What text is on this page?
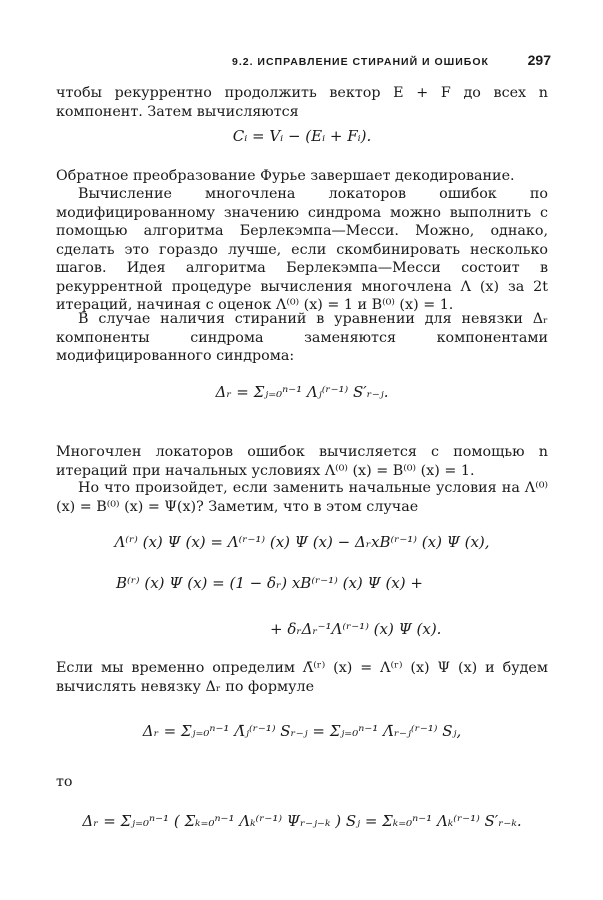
9.2. ИСПРАВЛЕНИЕ СТИРАНИЙ И ОШИБОК	297
чтобы рекуррентно продолжить вектор E + F до всех n компонент. Затем вычисляются
Cᵢ = Vᵢ − (Eᵢ + Fᵢ).
Обратное преобразование Фурье завершает декодирование.
Вычисление многочлена локаторов ошибок по модифицированному значению синдрома можно выполнить с помощью алгоритма Берлекэмпа—Месси. Можно, однако, сделать это гораздо лучше, если скомбинировать несколько шагов. Идея алгоритма Берлекэмпа—Месси состоит в рекуррентной процедуре вычисления многочлена Λ (x) за 2t итераций, начиная с оценок Λ⁽⁰⁾ (x) = 1 и B⁽⁰⁾ (x) = 1.
В случае наличия стираний в уравнении для невязки Δᵣ компоненты синдрома заменяются компонентами модифицированного синдрома:
Δᵣ = Σⱼ₌₀ⁿ⁻¹ Λⱼ⁽ʳ⁻¹⁾ S′ᵣ₋ⱼ.
Многочлен локаторов ошибок вычисляется с помощью n итераций при начальных условиях Λ⁽⁰⁾ (x) = B⁽⁰⁾ (x) = 1.
Но что произойдет, если заменить начальные условия на Λ⁽⁰⁾ (x) = B⁽⁰⁾ (x) = Ψ(x)? Заметим, что в этом случае
Λ⁽ʳ⁾ (x) Ψ (x) = Λ⁽ʳ⁻¹⁾ (x) Ψ (x) − ΔᵣxB⁽ʳ⁻¹⁾ (x) Ψ (x),
B⁽ʳ⁾ (x) Ψ (x) = (1 − δᵣ) xB⁽ʳ⁻¹⁾ (x) Ψ (x) +
+ δᵣΔᵣ⁻¹Λ⁽ʳ⁻¹⁾ (x) Ψ (x).
Если мы временно определим Λ̄⁽ʳ⁾ (x) = Λ⁽ʳ⁾ (x) Ψ (x) и будем вычислять невязку Δᵣ по формуле
Δᵣ = Σⱼ₌₀ⁿ⁻¹ Λ̄ⱼ⁽ʳ⁻¹⁾ Sᵣ₋ⱼ = Σⱼ₌₀ⁿ⁻¹ Λ̄ᵣ₋ⱼ⁽ʳ⁻¹⁾ Sⱼ,
то
Δᵣ = Σⱼ₌₀ⁿ⁻¹ ( Σₖ₌₀ⁿ⁻¹ Λₖ⁽ʳ⁻¹⁾ Ψᵣ₋ⱼ₋ₖ ) Sⱼ = Σₖ₌₀ⁿ⁻¹ Λₖ⁽ʳ⁻¹⁾ S′ᵣ₋ₖ.
